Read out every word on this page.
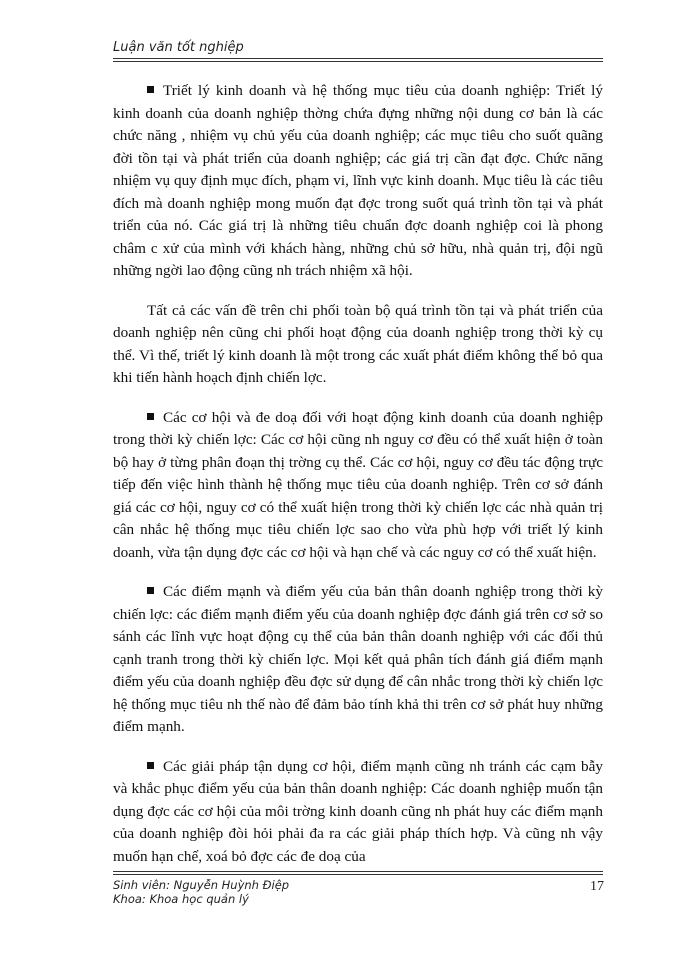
Luận văn tốt nghiệp

Triết lý kinh doanh và hệ thống mục tiêu của doanh nghiệp: Triết lý kinh doanh của doanh nghiệp thờng chứa đựng những nội dung cơ bản là các chức năng , nhiệm vụ chủ yếu của doanh nghiệp; các mục tiêu cho suốt quãng đời tồn tại và phát triển của doanh nghiệp; các giá trị cần đạt đợc. Chức năng nhiệm vụ quy định mục đích, phạm vi, lĩnh vực kinh doanh. Mục tiêu là các tiêu đích mà doanh nghiệp mong muốn đạt đợc trong suốt quá trình tồn tại và phát triển của nó. Các giá trị là những tiêu chuẩn đợc doanh nghiệp coi là phong châm c xử của mình với khách hàng, những chủ sở hữu, nhà quản trị, đội ngũ những ngời lao động cũng nh trách nhiệm xã hội.

Tất cả các vấn đề trên chi phối toàn bộ quá trình tồn tại và phát triển của doanh nghiệp nên cũng chi phối hoạt động của doanh nghiệp trong thời kỳ cụ thể. Vì thế, triết lý kinh doanh là một trong các xuất phát điểm không thể bỏ qua khi tiến hành hoạch định chiến lợc.

Các cơ hội và đe doạ đối với hoạt động kinh doanh của doanh nghiệp trong thời kỳ chiến lợc: Các cơ hội cũng nh nguy cơ đều có thể xuất hiện ở toàn bộ hay ở từng phân đoạn thị trờng cụ thể. Các cơ hội, nguy cơ đều tác động trực tiếp đến việc hình thành hệ thống mục tiêu của doanh nghiệp. Trên cơ sở đánh giá các cơ hội, nguy cơ có thể xuất hiện trong thời kỳ chiến lợc các nhà quản trị cân nhắc hệ thống mục tiêu chiến lợc sao cho vừa phù hợp với triết lý kinh doanh, vừa tận dụng đợc các cơ hội và hạn chế và các nguy cơ có thể xuất hiện.

Các điểm mạnh và điểm yếu của bản thân doanh nghiệp trong thời kỳ chiến lợc: các điểm mạnh điểm yếu của doanh nghiệp đợc đánh giá trên cơ sở so sánh các lĩnh vực hoạt động cụ thể của bản thân doanh nghiệp với các đối thủ cạnh tranh trong thời kỳ chiến lợc. Mọi kết quả phân tích đánh giá điểm mạnh điểm yếu của doanh nghiệp đều đợc sử dụng để cân nhắc trong thời kỳ chiến lợc hệ thống mục tiêu nh thế nào để đảm bảo tính khả thi trên cơ sở phát huy những điểm mạnh.

Các giải pháp tận dụng cơ hội, điểm mạnh cũng nh tránh các cạm bẫy và khắc phục điểm yếu của bản thân doanh nghiệp: Các doanh nghiệp muốn tận dụng đợc các cơ hội của môi trờng kinh doanh cũng nh phát huy các điểm mạnh của doanh nghiệp đòi hỏi phải đa ra các giải pháp thích hợp. Và cũng nh vậy muốn hạn chế, xoá bỏ đợc các đe doạ của

Sinh viên: Nguyễn Huỳnh Điệp
Khoa: Khoa học quản lý
17
